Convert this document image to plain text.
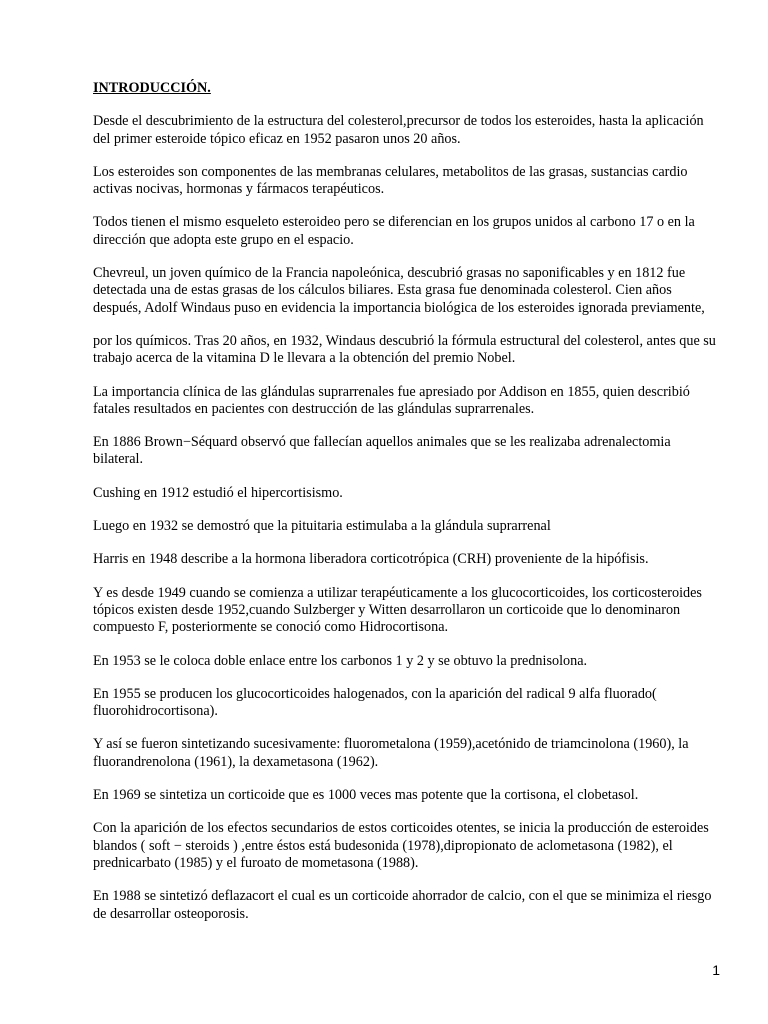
INTRODUCCIÓN.
Desde el descubrimiento de la estructura del colesterol,precursor de todos los esteroides, hasta la aplicación
del primer esteroide tópico eficaz en 1952 pasaron unos 20 años.
Los esteroides son componentes de las membranas celulares, metabolitos de las grasas, sustancias cardio
activas nocivas, hormonas y fármacos terapéuticos.
Todos tienen el mismo esqueleto esteroideo pero se diferencian en los grupos unidos al carbono 17 o en la
dirección que adopta este grupo en el espacio.
Chevreul, un joven químico de la Francia napoleónica, descubrió grasas no saponificables y en 1812 fue
detectada una de estas grasas de los cálculos biliares. Esta grasa fue denominada colesterol. Cien años
después, Adolf Windaus puso en evidencia la importancia biológica de los esteroides ignorada previamente,
por los químicos. Tras 20 años, en 1932, Windaus descubrió la fórmula estructural del colesterol, antes que su
trabajo acerca de la vitamina D le llevara a la obtención del premio Nobel.
La importancia clínica de las glándulas suprarrenales fue apresiado por Addison en 1855, quien describió
fatales resultados en pacientes con destrucción de las glándulas suprarrenales.
En 1886 Brown−Séquard observó que fallecían aquellos animales que se les realizaba adrenalectomia
bilateral.
Cushing en 1912 estudió el hipercortisismo.
Luego en 1932 se demostró que la pituitaria estimulaba a la glándula suprarrenal
Harris en 1948 describe a la hormona liberadora corticotrópica (CRH) proveniente de la hipófisis.
Y es desde 1949 cuando se comienza a utilizar terapéuticamente a los glucocorticoides, los corticosteroides
tópicos existen desde 1952,cuando Sulzberger y Witten desarrollaron un corticoide que lo denominaron
compuesto F, posteriormente se conoció como Hidrocortisona.
En 1953 se le coloca doble enlace entre los carbonos 1 y 2 y se obtuvo la prednisolona.
En 1955 se producen los glucocorticoides halogenados, con la aparición del radical 9 alfa fluorado(
fluorohidrocortisona).
Y así se fueron sintetizando sucesivamente: fluorometalona (1959),acetónido de triamcinolona (1960), la
fluorandrenolona (1961), la dexametasona (1962).
En 1969 se sintetiza un corticoide que es 1000 veces mas potente que la cortisona, el clobetasol.
Con la aparición de los efectos secundarios de estos corticoides otentes, se inicia la producción de esteroides
blandos ( soft − steroids ) ,entre éstos está budesonida (1978),dipropionato de aclometasona (1982), el
prednicarbato (1985) y el furoato de mometasona (1988).
En 1988 se sintetizó deflazacort el cual es un corticoide ahorrador de calcio, con el que se minimiza el riesgo
de desarrollar osteoporosis.
1
